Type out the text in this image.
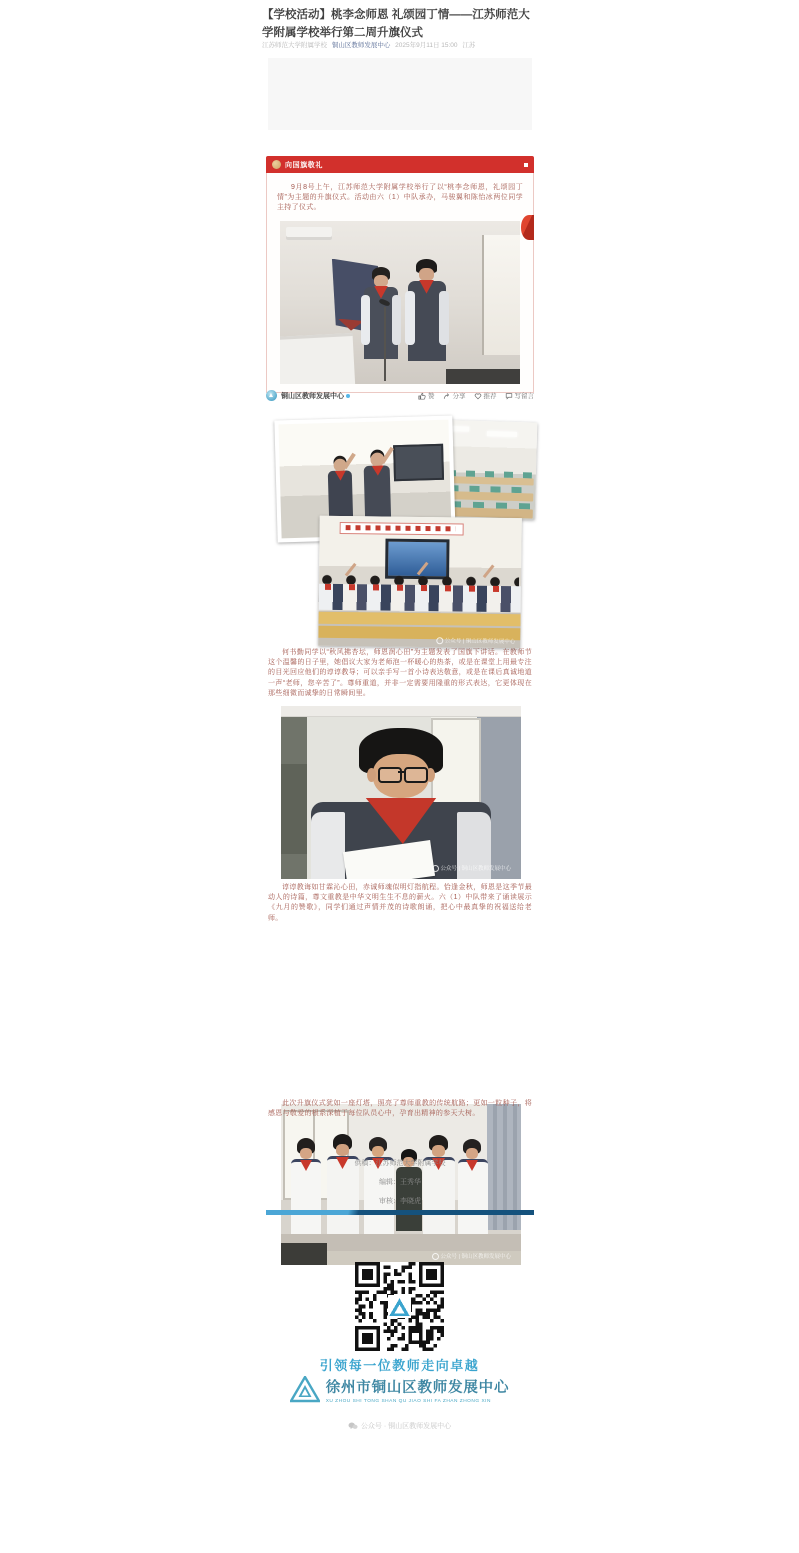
【学校活动】桃李念师恩 礼颂园丁情——江苏师范大学附属学校举行第二周升旗仪式
江苏师范大学附属学校 铜山区教师发展中心 2025年9月11日 15:00 江苏
向国旗敬礼
9月8号上午，江苏师范大学附属学校举行了以“桃李念师恩，礼颂园丁情”为主题的升旗仪式。活动由六（1）中队承办，马骏翼和陈怡冰两位同学主持了仪式。
铜山区教师发展中心	赞	分享	推荐	写留言
公众号 | 铜山区教师发展中心
何书勤同学以“秋风拂杏坛，师恩润心田”为主题发表了国旗下讲话。在教师节这个温馨的日子里，她倡议大家为老师泡一杯暖心的热茶，或是在课堂上用最专注的目光回应他们的谆谆教导；可以亲手写一首小诗表达敬意，或是在课后真诚地道一声“老师，您辛苦了”。尊师重道，并非一定需要用隆重的形式表达，它更体现在那些细微而诚挚的日常瞬间里。
公众号 | 铜山区教师发展中心
谆谆教诲如甘霖沁心田，赤诚师魂似明灯指航程。恰逢金秋，师恩是这季节最动人的诗篇，尊文重教是中华文明生生不息的薪火。六（1）中队带来了诵读展示《九月的赞歌》，同学们通过声情并茂的诗歌朗诵，把心中最真挚的祝福送给老师。
公众号 | 铜山区教师发展中心
此次升旗仪式犹如一座灯塔，照亮了尊师重教的传统航路；更如一粒种子，将感恩与敬爱的根系深植于每位队员心中，孕育出精神的参天大树。
供稿：江苏师范大学附属学校
编辑：王秀华
审核：李晓虎
引领每一位教师走向卓越
徐州市铜山区教师发展中心
XU ZHOU SHI TONG SHAN QU JIAO SHI FA ZHAN ZHONG XIN
公众号 · 铜山区教师发展中心
